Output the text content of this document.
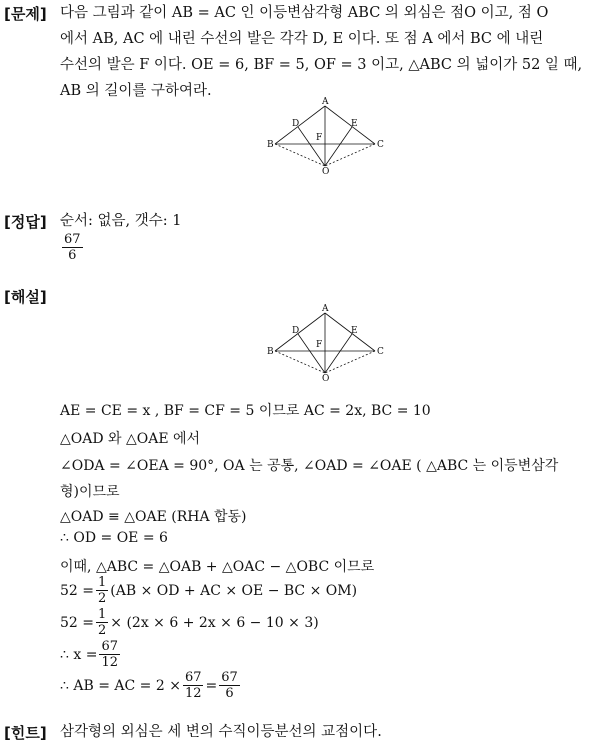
[문제] 다음 그림과 같이 AB = AC 인 이등변삼각형 ABC 의 외심은 점O 이고, 점 O
에서 AB, AC 에 내린 수선의 발은 각각 D, E 이다. 또 점 A 에서 BC 에 내린
수선의 발은 F 이다. OE = 6, BF = 5, OF = 3 이고, △ABC 의 넓이가 52 일 때,
AB 의 길이를 구하여라.
A
B	C
D	E
F
O
[정답] 순서: 없음, 갯수: 1
$\frac{67}{6}$
[해설]
A
B	C
D	E
F
O
AE = CE = x , BF = CF = 5 이므로 AC = 2x, BC = 10
△OAD 와 △OAE 에서
∠ODA = ∠OEA = 90°, OA 는 공통, ∠OAD = ∠OAE ( △ABC 는 이등변삼각
형)이므로
△OAD ≡ △OAE (RHA 합동)
∴ OD = OE = 6
이때, △ABC = △OAB + △OAC − △OBC 이므로
$52 = \frac{1}{2} (AB$ × OD + AC × OE − BC × OM)
$52 = \frac{1}{2} \times (2x \times 6 + 2x \times 6 - 10 \times 3)$
∴ $x = \frac{67}{12}$
∴ AB = AC = $2 \times \frac{67}{12} = \frac{67}{6}$
[힌트] 삼각형의 외심은 세 변의 수직이등분선의 교점이다.
